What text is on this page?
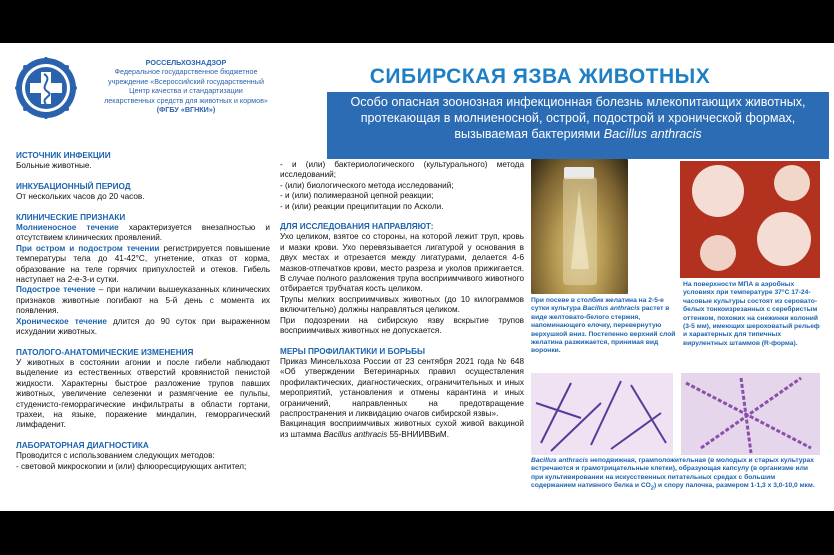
РОССЕЛЬХОЗНАДЗОР
Федеральное государственное бюджетное
учреждение «Всероссийский государственный
Центр качества и стандартизации
лекарственных средств для животных и кормов»
(ФГБУ «ВГНКИ»)
СИБИРСКАЯ ЯЗВА ЖИВОТНЫХ
Особо опасная зоонозная инфекционная болезнь млекопитающих животных, протекающая в молниеносной, острой, подострой и хронической формах, вызываемая бактериями Bacillus anthracis
ИСТОЧНИК ИНФЕКЦИИ
Больные животные.
ИНКУБАЦИОННЫЙ ПЕРИОД
От нескольких часов до 20 часов.
КЛИНИЧЕСКИЕ ПРИЗНАКИ
Молниеносное течение характеризуется внезапностью и отсутствием клинических проявлений.
При остром и подостром течении регистрируется повышение температуры тела до 41-42°С, угнетение, отказ от корма, образование на теле горячих припухлостей и отеков. Гибель наступает на 2-е-3-и сутки.
Подострое течение – при наличии вышеуказанных клинических признаков животные погибают на 5-й день с момента их появления.
Хроническое течение длится до 90 суток при выраженном исхудании животных.
ПАТОЛОГО-АНАТОМИЧЕСКИЕ ИЗМЕНЕНИЯ
У животных в состоянии агонии и после гибели наблюдают выделение из естественных отверстий кровянистой пенистой жидкости. Характерны быстрое разложение трупов павших животных, увеличение селезенки и размягчение ее пульпы, студенисто-геморрагические инфильтраты в области гортани, трахеи, на языке, поражение миндалин, геморрагический лимфаденит.
ЛАБОРАТОРНАЯ ДИАГНОСТИКА
Проводится с использованием следующих методов:
- световой микроскопии и (или) флюоресцирующих антител;
- и (или) бактериологического (культурального) метода исследований;
- (или) биологического метода исследований;
- и (или) полимеразной цепной реакции;
- и (или) реакции преципитации по Асколи.
ДЛЯ ИССЛЕДОВАНИЯ НАПРАВЛЯЮТ:
Ухо целиком, взятое со стороны, на которой лежит труп, кровь и мазки крови. Ухо перевязывается лигатурой у основания в двух местах и отрезается между лигатурами, делается 4-6 мазков-отпечатков крови, место разреза и уколов прижигается. В случае полного разложения трупа восприимчивого животного отбирается трубчатая кость целиком.
Трупы мелких восприимчивых животных (до 10 килограммов включительно) должны направляться целиком.
При подозрении на сибирскую язву вскрытие трупов восприимчивых животных не допускается.
МЕРЫ ПРОФИЛАКТИКИ И БОРЬБЫ
Приказ Минсельхоза России от 23 сентября 2021 года № 648 «Об утверждении Ветеринарных правил осуществления профилактических, диагностических, ограничительных и иных мероприятий, установления и отмены карантина и иных ограничений, направленных на предотвращение распространения и ликвидацию очагов сибирской язвы».
Вакцинация восприимчивых животных сухой живой вакциной из штамма Bacillus anthracis 55-ВНИИВВиМ.
При посеве в столбик желатина на 2-5-е сутки культура Bacillus anthracis растет в виде желтовато-белого стержня, напоминающего елочку, перевернутую верхушкой вниз. Постепенно верхний слой желатина разжижается, принимая вид воронки.
На поверхности МПА в аэробных условиях при температуре 37°С 17-24-часовые культуры состоят из серовато-белых тонкоизрезанных с серебристым оттенком, похожих на снежинки колоний (3-5 мм), имеющих шероховатый рельеф и характерных для типичных вирулентных штаммов (R-форма).
Bacillus anthracis неподвижная, грамположительная (в молодых и старых культурах встречаются и грамотрицательные клетки), образующая капсулу (в организме или при культивировании на искусственных питательных средах с большим содержанием нативного белка и $CO_2$) и спору палочка, размером 1-1,3 х 3,0-10,0 мкм.
